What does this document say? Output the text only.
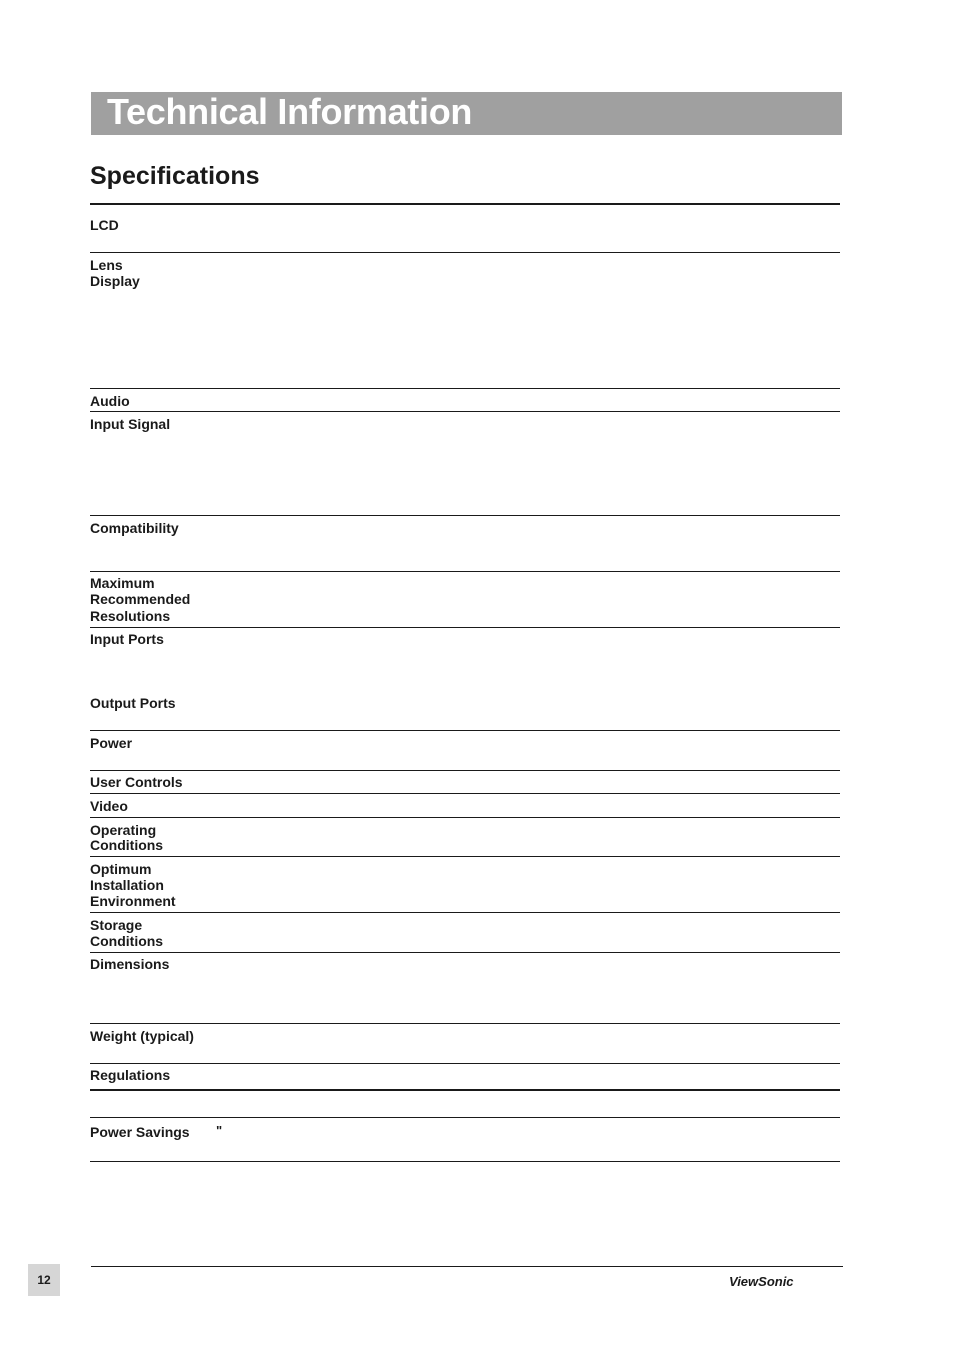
Technical Information
Specifications
LCD
Lens
Display
Audio
Input Signal
Compatibility
Maximum
Recommended
Resolutions
Input Ports
Output Ports
Power
User Controls
Video
Operating
Conditions
Optimum
Installation
Environment
Storage
Conditions
Dimensions
Weight (typical)
Regulations
Power Savings "
12	ViewSonic
